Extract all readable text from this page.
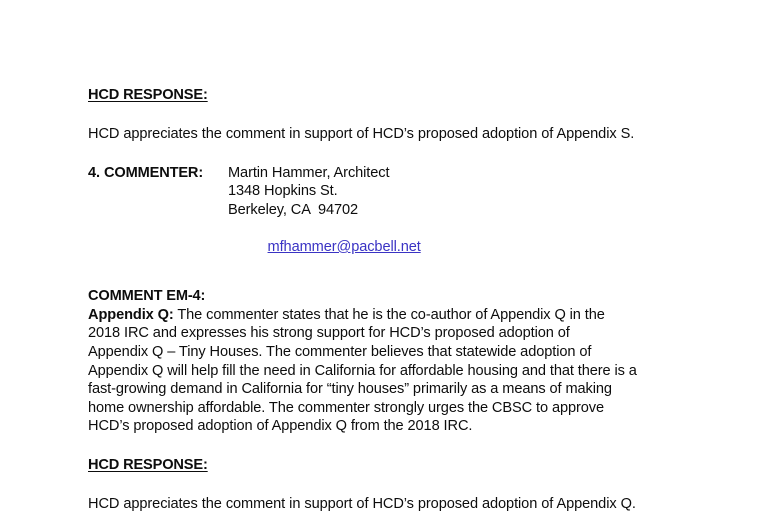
HCD RESPONSE:

HCD appreciates the comment in support of HCD’s proposed adoption of Appendix S.

4. COMMENTER:	Martin Hammer, Architect
1348 Hopkins St.
Berkeley, CA  94702

mfhammer@pacbell.net

COMMENT EM-4:
Appendix Q: The commenter states that he is the co-author of Appendix Q in the
2018 IRC and expresses his strong support for HCD’s proposed adoption of
Appendix Q – Tiny Houses. The commenter believes that statewide adoption of
Appendix Q will help fill the need in California for affordable housing and that there is a
fast-growing demand in California for “tiny houses” primarily as a means of making
home ownership affordable. The commenter strongly urges the CBSC to approve
HCD’s proposed adoption of Appendix Q from the 2018 IRC.
HCD RESPONSE:

HCD appreciates the comment in support of HCD’s proposed adoption of Appendix Q.
